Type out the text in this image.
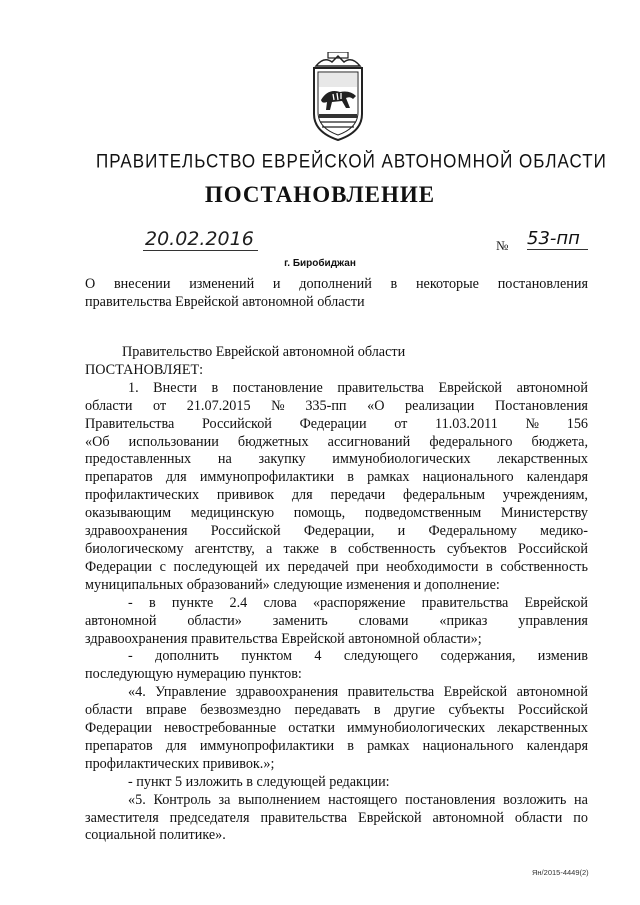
ПРАВИТЕЛЬСТВО ЕВРЕЙСКОЙ АВТОНОМНОЙ ОБЛАСТИ
ПОСТАНОВЛЕНИЕ
20.02.2016	№ 53-пп
г. Биробиджан
О внесении изменений и дополнений в некоторые постановления
правительства Еврейской автономной области
Правительство Еврейской автономной области
ПОСТАНОВЛЯЕТ:
1. Внести в постановление правительства Еврейской автономной
области от 21.07.2015 № 335-пп «О реализации Постановления
Правительства Российской Федерации от 11.03.2011 № 156
«Об использовании бюджетных ассигнований федерального бюджета,
предоставленных на закупку иммунобиологических лекарственных
препаратов для иммунопрофилактики в рамках национального календаря
профилактических прививок для передачи федеральным учреждениям,
оказывающим медицинскую помощь, подведомственным Министерству
здравоохранения Российской Федерации, и Федеральному медико-
биологическому агентству, а также в собственность субъектов Российской
Федерации с последующей их передачей при необходимости в собственность
муниципальных образований» следующие изменения и дополнение:
- в пункте 2.4 слова «распоряжение правительства Еврейской
автономной области» заменить словами «приказ управления
здравоохранения правительства Еврейской автономной области»;
- дополнить пунктом 4 следующего содержания, изменив
последующую нумерацию пунктов:
«4. Управление здравоохранения правительства Еврейской автономной
области вправе безвозмездно передавать в другие субъекты Российской
Федерации невостребованные остатки иммунобиологических лекарственных
препаратов для иммунопрофилактики в рамках национального календаря
профилактических прививок.»;
- пункт 5 изложить в следующей редакции:
«5. Контроль за выполнением настоящего постановления возложить на
заместителя председателя правительства Еврейской автономной области по
социальной политике».
Ян/2015-4449(2)
